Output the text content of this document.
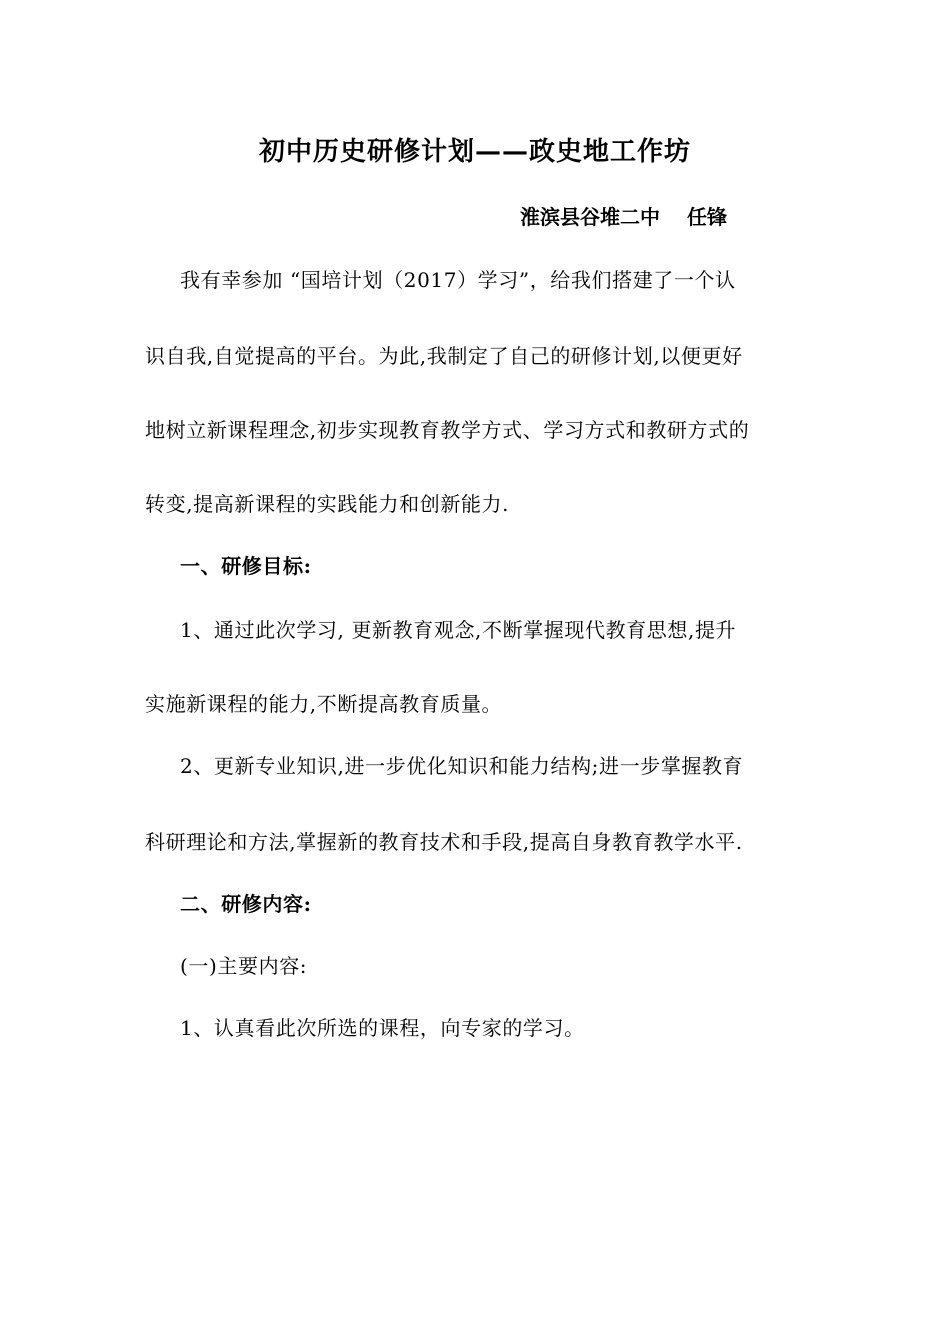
初中历史研修计划——政史地工作坊
淮滨县谷堆二中　 任锋
我有幸参加 “国培计划（2017）学习”，给我们搭建了一个认
识自我,自觉提高的平台。为此,我制定了自己的研修计划,以便更好
地树立新课程理念,初步实现教育教学方式、学习方式和教研方式的
转变,提高新课程的实践能力和创新能力.
一、研修目标:
1、通过此次学习, 更新教育观念,不断掌握现代教育思想,提升
实施新课程的能力,不断提高教育质量。
2、更新专业知识,进一步优化知识和能力结构;进一步掌握教育
科研理论和方法,掌握新的教育技术和手段,提高自身教育教学水平.
二、研修内容:
(一)主要内容:
1、认真看此次所选的课程，向专家的学习。
